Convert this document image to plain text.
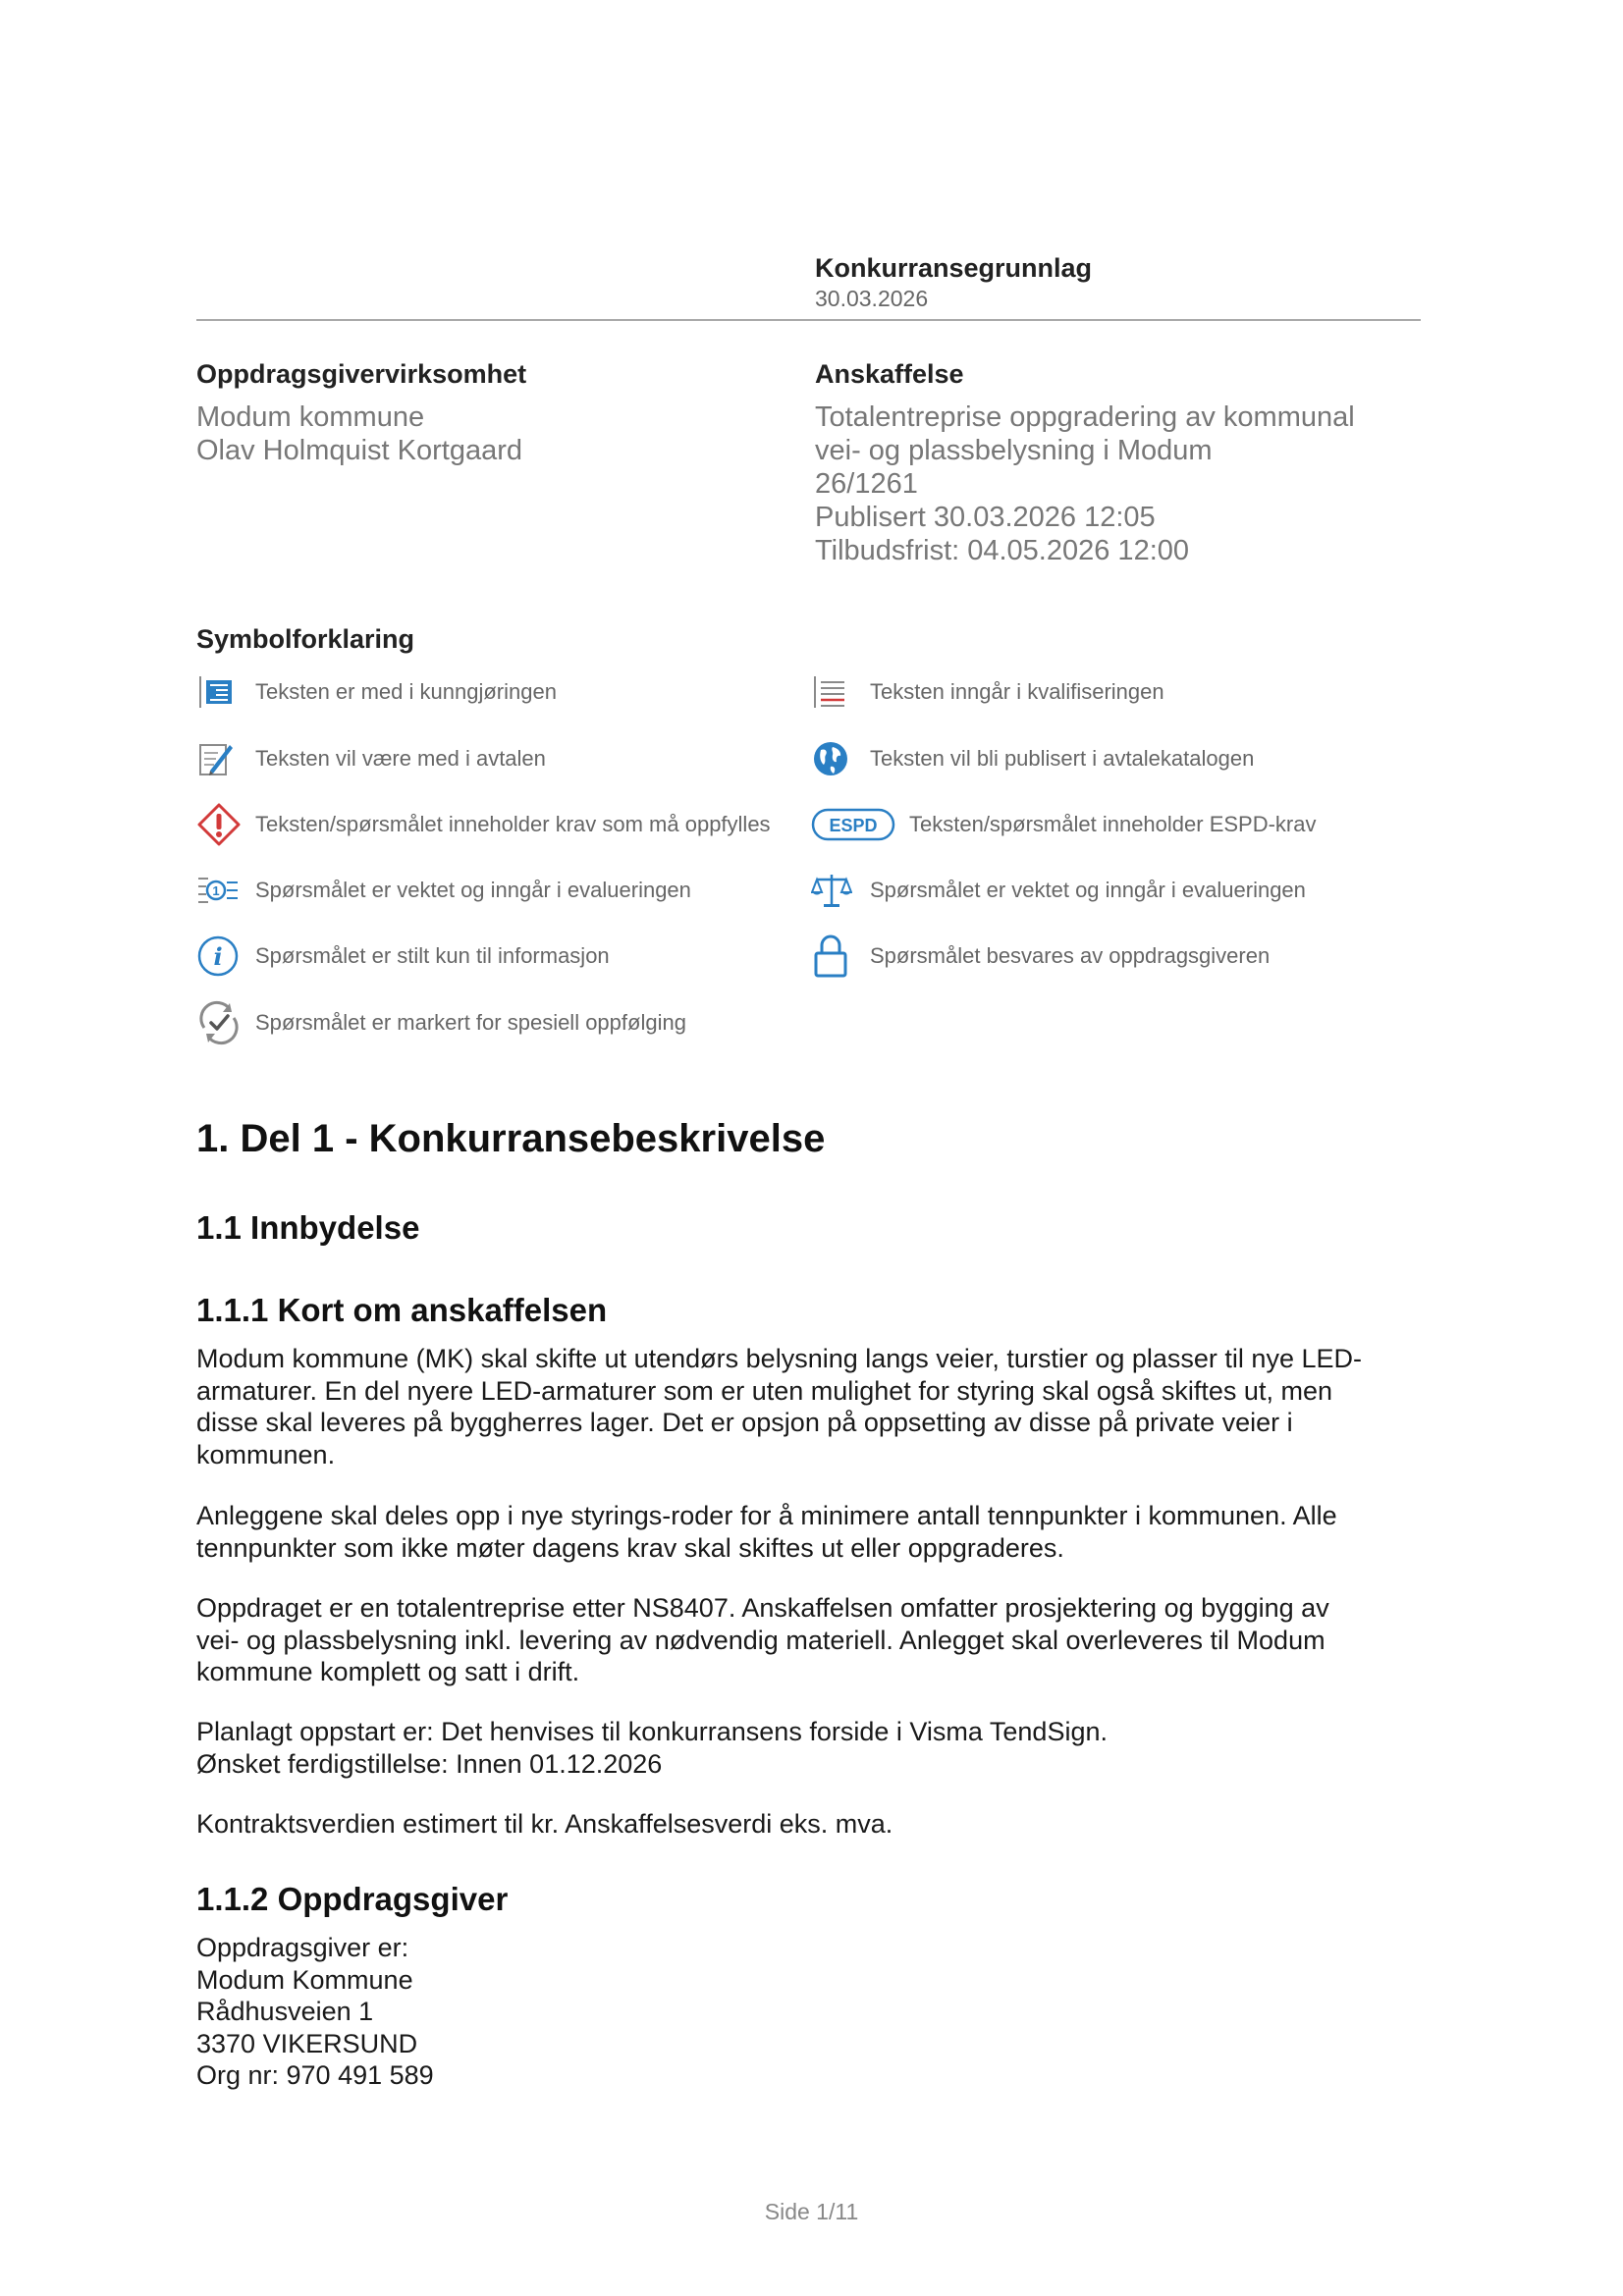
Konkurransegrunnlag
30.03.2026
Oppdragsgivervirksomhet
Modum kommune
Olav Holmquist Kortgaard
Anskaffelse
Totalentreprise oppgradering av kommunal
vei- og plassbelysning i Modum
26/1261
Publisert 30.03.2026 12:05
Tilbudsfrist: 04.05.2026 12:00
Symbolforklaring
Teksten er med i kunngjøringen	Teksten inngår i kvalifiseringen
Teksten vil være med i avtalen	Teksten vil bli publisert i avtalekatalogen
Teksten/spørsmålet inneholder krav som må oppfylles	ESPD Teksten/spørsmålet inneholder ESPD-krav
1 Spørsmålet er vektet og inngår i evalueringen	Spørsmålet er vektet og inngår i evalueringen
i Spørsmålet er stilt kun til informasjon	Spørsmålet besvares av oppdragsgiveren
Spørsmålet er markert for spesiell oppfølging
1. Del 1 - Konkurransebeskrivelse
1.1 Innbydelse
1.1.1 Kort om anskaffelsen
Modum kommune (MK) skal skifte ut utendørs belysning langs veier, turstier og plasser til nye LED-
armaturer. En del nyere LED-armaturer som er uten mulighet for styring skal også skiftes ut, men
disse skal leveres på byggherres lager. Det er opsjon på oppsetting av disse på private veier i
kommunen.
Anleggene skal deles opp i nye styrings-roder for å minimere antall tennpunkter i kommunen. Alle
tennpunkter som ikke møter dagens krav skal skiftes ut eller oppgraderes.
Oppdraget er en totalentreprise etter NS8407. Anskaffelsen omfatter prosjektering og bygging av
vei- og plassbelysning inkl. levering av nødvendig materiell. Anlegget skal overleveres til Modum
kommune komplett og satt i drift.
Planlagt oppstart er: Det henvises til konkurransens forside i Visma TendSign.
Ønsket ferdigstillelse: Innen 01.12.2026
Kontraktsverdien estimert til kr. Anskaffelsesverdi eks. mva.
1.1.2 Oppdragsgiver
Oppdragsgiver er:
Modum Kommune
Rådhusveien 1
3370 VIKERSUND
Org nr: 970 491 589
Side 1/11
